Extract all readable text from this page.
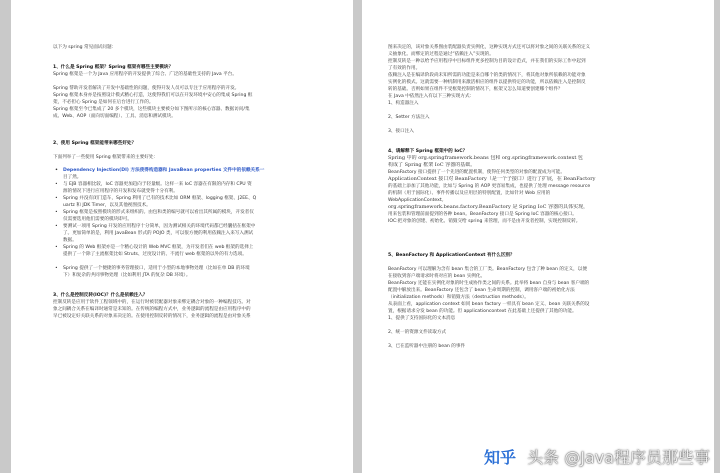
以下为 spring 常见面试问题：
1、什么是 Spring 框架？Spring 框架有哪些主要模块？
Spring 框架是一个为 Java 应用程序的开发提供了综合、广泛的基础性支持的 Java 平台。
Spring 帮助开发者解决了开发中基础性的问题，使得开发人员可以专注于应用程序的开发。
Spring 框架本身亦是按照设计模式精心打造，这使得我们可以在开发环境中安心的集成 Spring 框
架，不必担心 Spring 是如何在后台进行工作的。
Spring 框架至今已集成了 20 多个模块，这些模块主要被分如下图所示的核心容器、数据访问/集
成、Web、AOP（面向切面编程）、工具、消息和测试模块。
2、使用 Spring 框架能带来哪些好处？
下面列举了一些使用 Spring 框架带来的主要好处：
• Dependency Injection(DI) 方法使得构造器和 JavaBean properties 文件中的依赖关系一
目了然。
• 与 EJB 容器相比较，IoC 容器更加趋向于轻量级。这样一来 IoC 容器在有限的内存和 CPU 资
源的情况下进行应用程序的开发和发布就变得十分有利。
• Spring 并没有闭门造车，Spring 利用了已有的技术比如 ORM 框架、logging 框架、J2EE、Q
uartz 和 JDK Timer，以及其他视图技术。
• Spring 框架是按照模块的形式来组织的。由包和类的编号就可以看出其所属的模块，开发者仅
仅需要选用他们需要的模块即可。
• 要测试一项用 Spring 开发的应用程序十分简单，因为测试相关的环境代码都已经囊括在框架中
了。更加简单的是，利用 JavaBean 形式的 POJO 类，可以很方便的利用依赖注入来写入测试
数据。
• Spring 的 Web 框架亦是一个精心设计的 Web MVC 框架，为开发者们在 web 框架的选择上
提供了一个除了主流框架比如 Struts、过度设计的、不流行 web 框架的以外的有力选项。
• Spring 提供了一个便捷的事务管理接口，适用于小型的本地事物处理（比如在单 DB 的环境
下）和复杂的共同事物处理（比如利用 JTA 的复杂 DB 环境）。
3、什么是控制反转(IOC)？什么是依赖注入？
控制反转是应用于软件工程领域中的，在运行时被装配器对象来绑定耦合对象的一种编程技巧。对
象之间耦合关系在编译时通常是未知的。在传统的编程方式中，业务逻辑的流程是由应用程序中的
早已被设定好关联关系的对象来决定的。在使用控制反转的情况下，业务逻辑的流程是由对象关系
图来决定的，该对象关系图由装配器负责实例化，这种实现方式还可以将对象之间的关联关系的定义
义抽象化。而绑定的过程是通过“依赖注入”实现的。
控制反转是一种以给予应用程序中目标组件更多控制为目的设计范式，并在我们的实际工作中起到
了有效的作用。
依赖注入是在编译阶段尚未知所需的功能是来自哪个的类的情况下，将其他对象所依赖的功能对象
实例化的模式。这就需要一种机制用来激活相应的组件以提供特定的功能，所以依赖注入是控制反
转的基础。否则如果在组件不受框架控制的情况下，框架又怎么知道要创建哪个组件？
在 Java 中依然注入有以下三种实现方式：
1、构造器注入
2、Setter 方法注入
3、接口注入
4、请解释下 Spring 框架中的 IoC？
Spring 中的 org.springframework.beans 包和 org.springframework.context 包
构成了 Spring 框架 IoC 容器的基础。
BeanFactory 接口提供了一个先进的配置机制，使得任何类型的对象的配置成为可能。
ApplicationContext 接口对 BeanFactory（是一个子接口）进行了扩展，在 BeanFactory
的基础上添加了其他功能，比如与 Spring 的 AOP 更容易集成，也提供了处理 message resource
的机制（用于国际化）、事件传播以及应用层的特别配置，比如针对 Web 应用的
WebApplicationContext。
org.springframework.beans.factory.BeanFactory 是 Spring IoC 容器的具体实现，
用来包装和管理前面提到的各种 bean。BeanFactory 接口是 Spring IoC 容器的核心接口。
IOC:把对象的创建、初始化、销毁交给 spring 来管理，而不是由开发者控制，实现控制反转。
5、BeanFactory 和 ApplicationContext 有什么区别？
BeanFactory 可以理解为含有 bean 集合的工厂类。BeanFactory 包含了种 bean 的定义，以便
在接收到客户端请求时将对应的 bean 实例化。
BeanFactory 还能在实例化对象的时生成协作类之间的关系。此举将 bean 自身与 bean 客户端的
配置中解放出来。BeanFactory 还包含了 bean 生命周期的控制，调用客户端的初始化方法
（initialization methods）和销毁方法（destruction methods）。
从表面上看，application context 如同 bean factory 一样具有 bean 定义、bean 关联关系的设
置，根据请求分发 bean 的功能。但 applicationcontext 在此基础上还提供了其他的功能。
1、提供了支持国际化的文本消息
2、统一的资源文件读取方式
3、已在监听器中注册的 bean 的事件
知乎 头条 @Java程序员那些事
